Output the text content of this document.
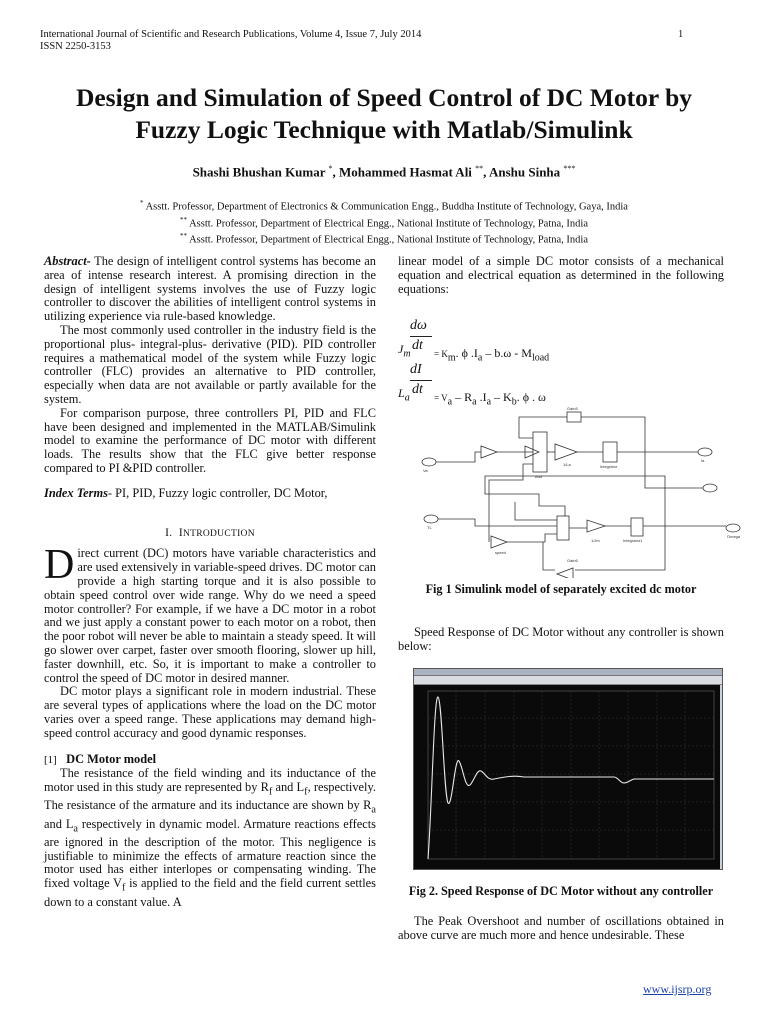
International Journal of Scientific and Research Publications, Volume 4, Issue 7, July 2014
ISSN 2250-3153
1
Design and Simulation of Speed Control of DC Motor by
Fuzzy Logic Technique with Matlab/Simulink
Shashi Bhushan Kumar *, Mohammed Hasmat Ali **, Anshu Sinha ***
* Asstt. Professor, Department of Electronics & Communication Engg., Buddha Institute of Technology, Gaya, India
** Asstt. Professor, Department of Electrical Engg., National Institute of Technology, Patna, India
** Asstt. Professor, Department of Electrical Engg., National Institute of Technology, Patna, India

Abstract- The design of intelligent control systems has become an area of intense research interest. A promising direction in the design of intelligent systems involves the use of Fuzzy logic controller to discover the abilities of intelligent control systems in utilizing experience via rule-based knowledge.

The most commonly used controller in the industry field is the proportional plus- integral-plus- derivative (PID). PID controller requires a mathematical model of the system while Fuzzy logic controller (FLC) provides an alternative to PID controller, especially when data are not available or partly available for the system.

For comparison purpose, three controllers PI, PID and FLC have been designed and implemented in the MATLAB/Simulink model to examine the performance of DC motor with different loads. The results show that the FLC give better response compared to PI &PID controller.

Index Terms- PI, PID, Fuzzy logic controller, DC Motor,

I. INTRODUCTION

Direct current (DC) motors have variable characteristics and are used extensively in variable-speed drives. DC motor can provide a high starting torque and it is also possible to obtain speed control over wide range. Why do we need a speed motor controller? For example, if we have a DC motor in a robot and we just apply a constant power to each motor on a robot, then the poor robot will never be able to maintain a steady speed. It will go slower over carpet, faster over smooth flooring, slower up hill, faster downhill, etc. So, it is important to make a controller to control the speed of DC motor in desired manner.

DC motor plays a significant role in modern industrial. These are several types of applications where the load on the DC motor varies over a speed range. These applications may demand high-speed control accuracy and good dynamic responses.

[1] DC Motor model

The resistance of the field winding and its inductance of the motor used in this study are represented by $R_f$ and $L_f$, respectively. The resistance of the armature and its inductance are shown by $R_a$ and $L_a$ respectively in dynamic model. Armature reactions effects are ignored in the description of the motor. This negligence is justifiable to minimize the effects of armature reaction since the motor used has either interlopes or compensating winding. The fixed voltage $V_f$ is applied to the field and the field current settles down to a constant value. A

linear model of a simple DC motor consists of a mechanical equation and electrical equation as determined in the following equations:
dω
$J_m$
dt
= $K_m$. ϕ $.I_a - b.\omega - M_{load}$
dI
$L_a$
dt
= $V_a - R_a$ $.I_a - K_b$. ϕ . ω
Gain5
Gain6
Integrator
Integrator1
1/La
1/Jm
Va
TL
Ia
Omega
Add
speed
Fig 1 Simulink model of separately excited dc motor

Speed Response of DC Motor without any controller is shown below:

Fig 2. Speed Response of DC Motor without any controller

The Peak Overshoot and number of oscillations obtained in above curve are much more and hence undesirable. These

www.ijsrp.org
